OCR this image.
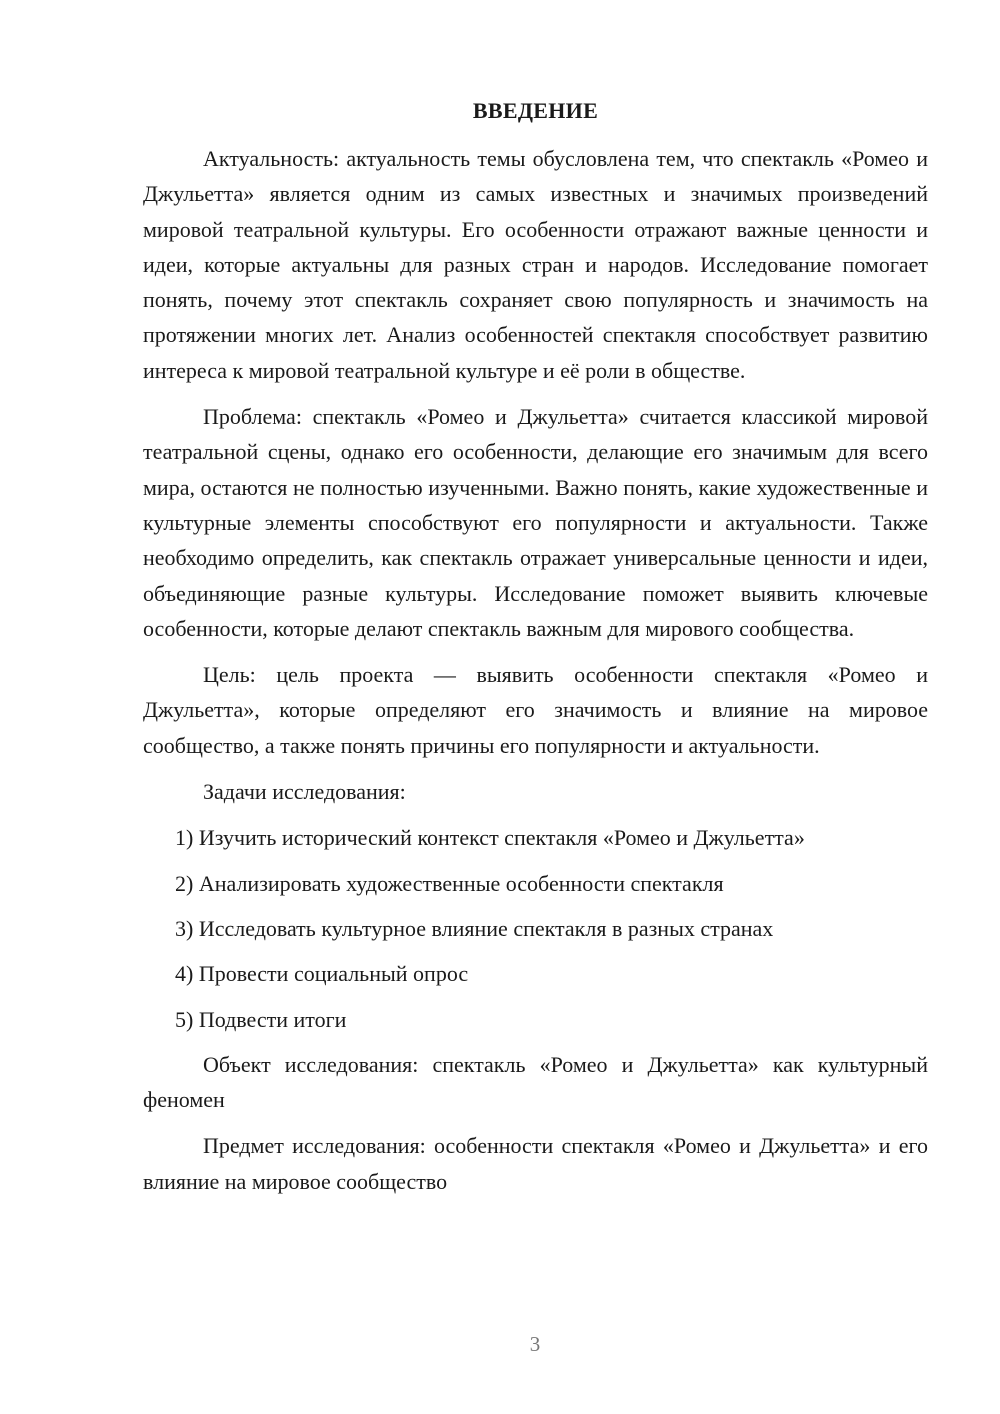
ВВЕДЕНИЕ

Актуальность: актуальность темы обусловлена тем, что спектакль «Ромео и Джульетта» является одним из самых известных и значимых произведений мировой театральной культуры. Его особенности отражают важные ценности и идеи, которые актуальны для разных стран и народов. Исследование помогает понять, почему этот спектакль сохраняет свою популярность и значимость на протяжении многих лет. Анализ особенностей спектакля способствует развитию интереса к мировой театральной культуре и её роли в обществе.

Проблема: спектакль «Ромео и Джульетта» считается классикой мировой театральной сцены, однако его особенности, делающие его значимым для всего мира, остаются не полностью изученными. Важно понять, какие художественные и культурные элементы способствуют его популярности и актуальности. Также необходимо определить, как спектакль отражает универсальные ценности и идеи, объединяющие разные культуры. Исследование поможет выявить ключевые особенности, которые делают спектакль важным для мирового сообщества.

Цель: цель проекта — выявить особенности спектакля «Ромео и Джульетта», которые определяют его значимость и влияние на мировое сообщество, а также понять причины его популярности и актуальности.

Задачи исследования:
1) Изучить исторический контекст спектакля «Ромео и Джульетта»
2) Анализировать художественные особенности спектакля
3) Исследовать культурное влияние спектакля в разных странах
4) Провести социальный опрос
5) Подвести итоги

Объект исследования: спектакль «Ромео и Джульетта» как культурный феномен

Предмет исследования: особенности спектакля «Ромео и Джульетта» и его влияние на мировое сообщество

3
